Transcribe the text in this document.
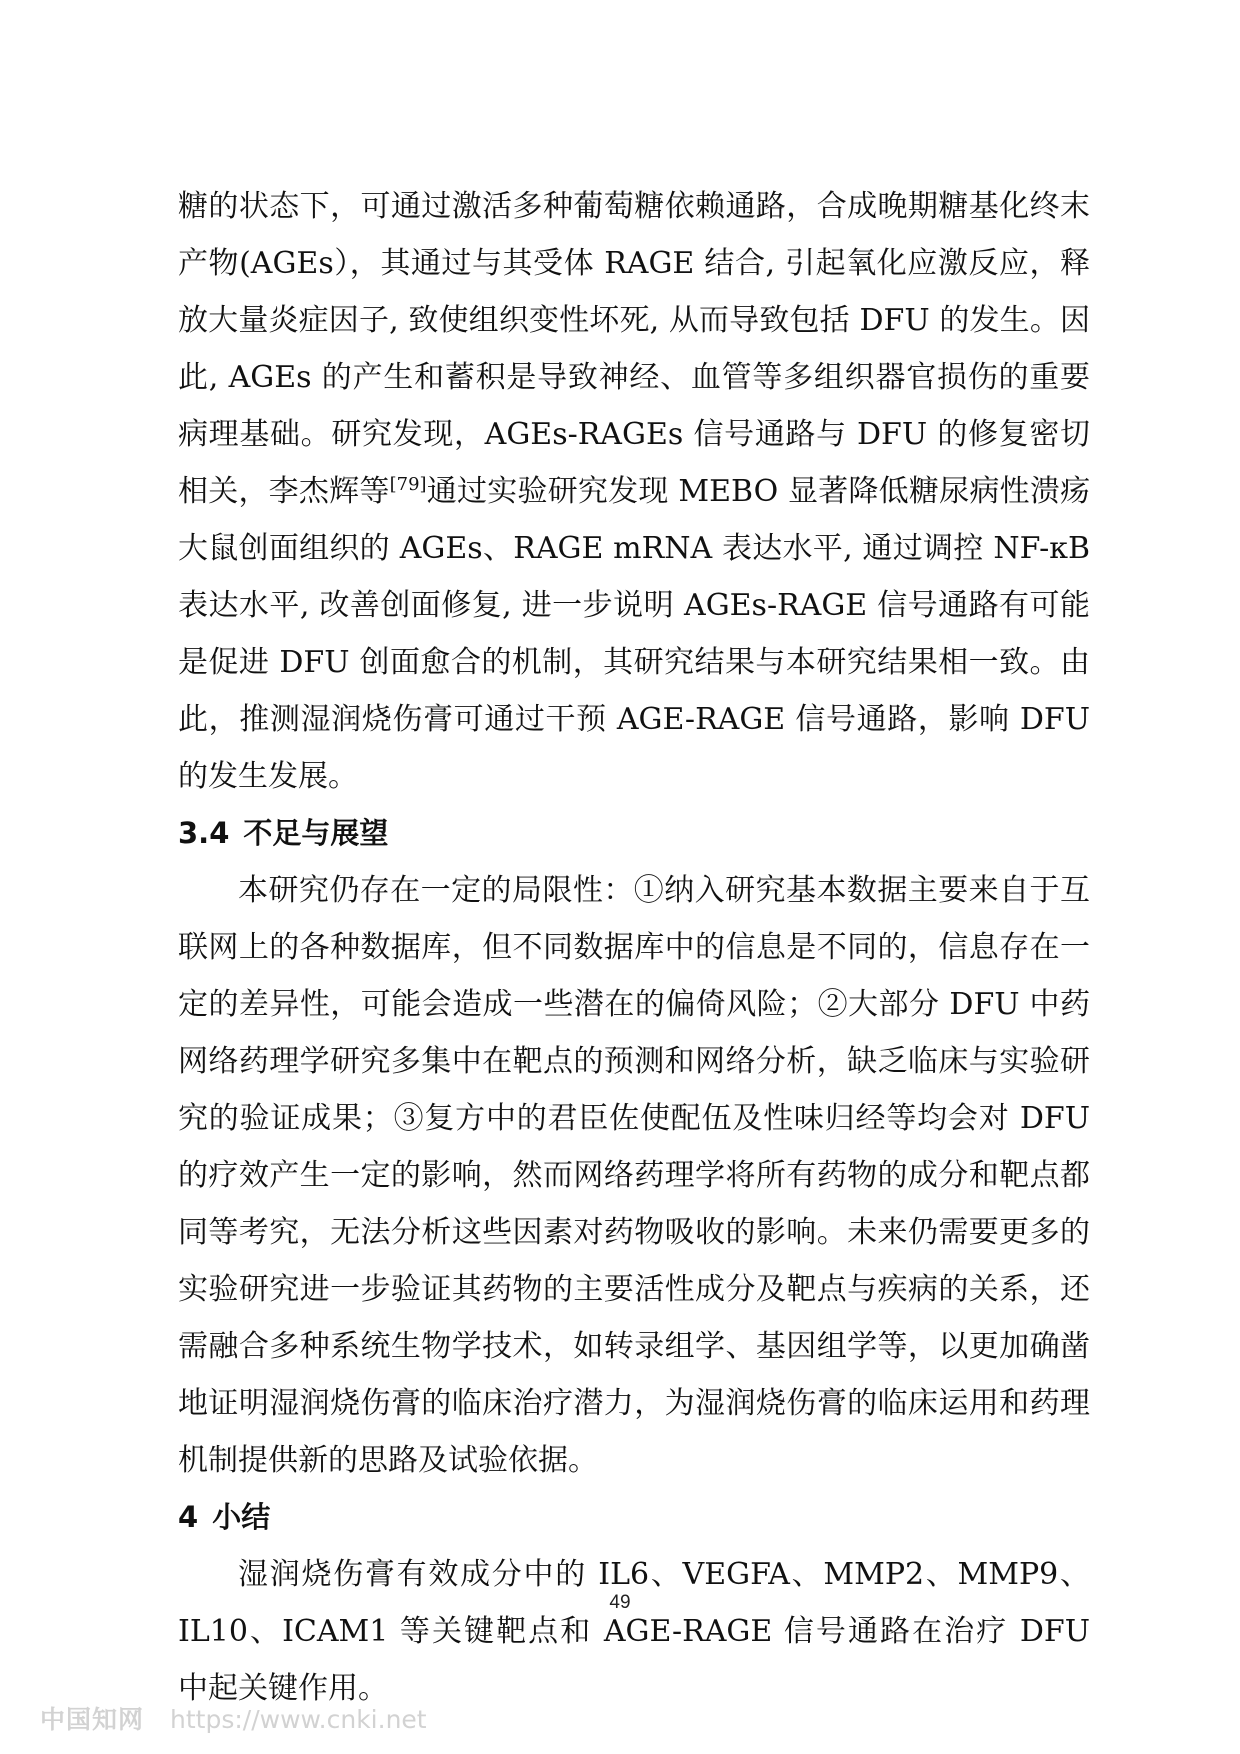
糖的状态下，可通过激活多种葡萄糖依赖通路，合成晚期糖基化终末产物(AGEs），其通过与其受体 RAGE 结合, 引起氧化应激反应，释放大量炎症因子, 致使组织变性坏死, 从而导致包括 DFU 的发生。因此, AGEs 的产生和蓄积是导致神经、血管等多组织器官损伤的重要病理基础。研究发现，AGEs-RAGEs 信号通路与 DFU 的修复密切相关，李杰辉等[79]通过实验研究发现 MEBO 显著降低糖尿病性溃疡大鼠创面组织的 AGEs、RAGE mRNA 表达水平, 通过调控 NF-κB 表达水平, 改善创面修复, 进一步说明 AGEs-RAGE 信号通路有可能是促进 DFU 创面愈合的机制，其研究结果与本研究结果相一致。由此，推测湿润烧伤膏可通过干预 AGE-RAGE 信号通路，影响 DFU 的发生发展。

3.4 不足与展望

本研究仍存在一定的局限性：①纳入研究基本数据主要来自于互联网上的各种数据库，但不同数据库中的信息是不同的，信息存在一定的差异性，可能会造成一些潜在的偏倚风险；②大部分 DFU 中药网络药理学研究多集中在靶点的预测和网络分析，缺乏临床与实验研究的验证成果；③复方中的君臣佐使配伍及性味归经等均会对 DFU 的疗效产生一定的影响，然而网络药理学将所有药物的成分和靶点都同等考究，无法分析这些因素对药物吸收的影响。未来仍需要更多的实验研究进一步验证其药物的主要活性成分及靶点与疾病的关系，还需融合多种系统生物学技术，如转录组学、基因组学等，以更加确凿地证明湿润烧伤膏的临床治疗潜力，为湿润烧伤膏的临床运用和药理机制提供新的思路及试验依据。

4 小结

湿润烧伤膏有效成分中的 IL6、VEGFA、MMP2、MMP9、IL10、ICAM1 等关键靶点和 AGE-RAGE 信号通路在治疗 DFU 中起关键作用。

49
中国知网 https://www.cnki.net
